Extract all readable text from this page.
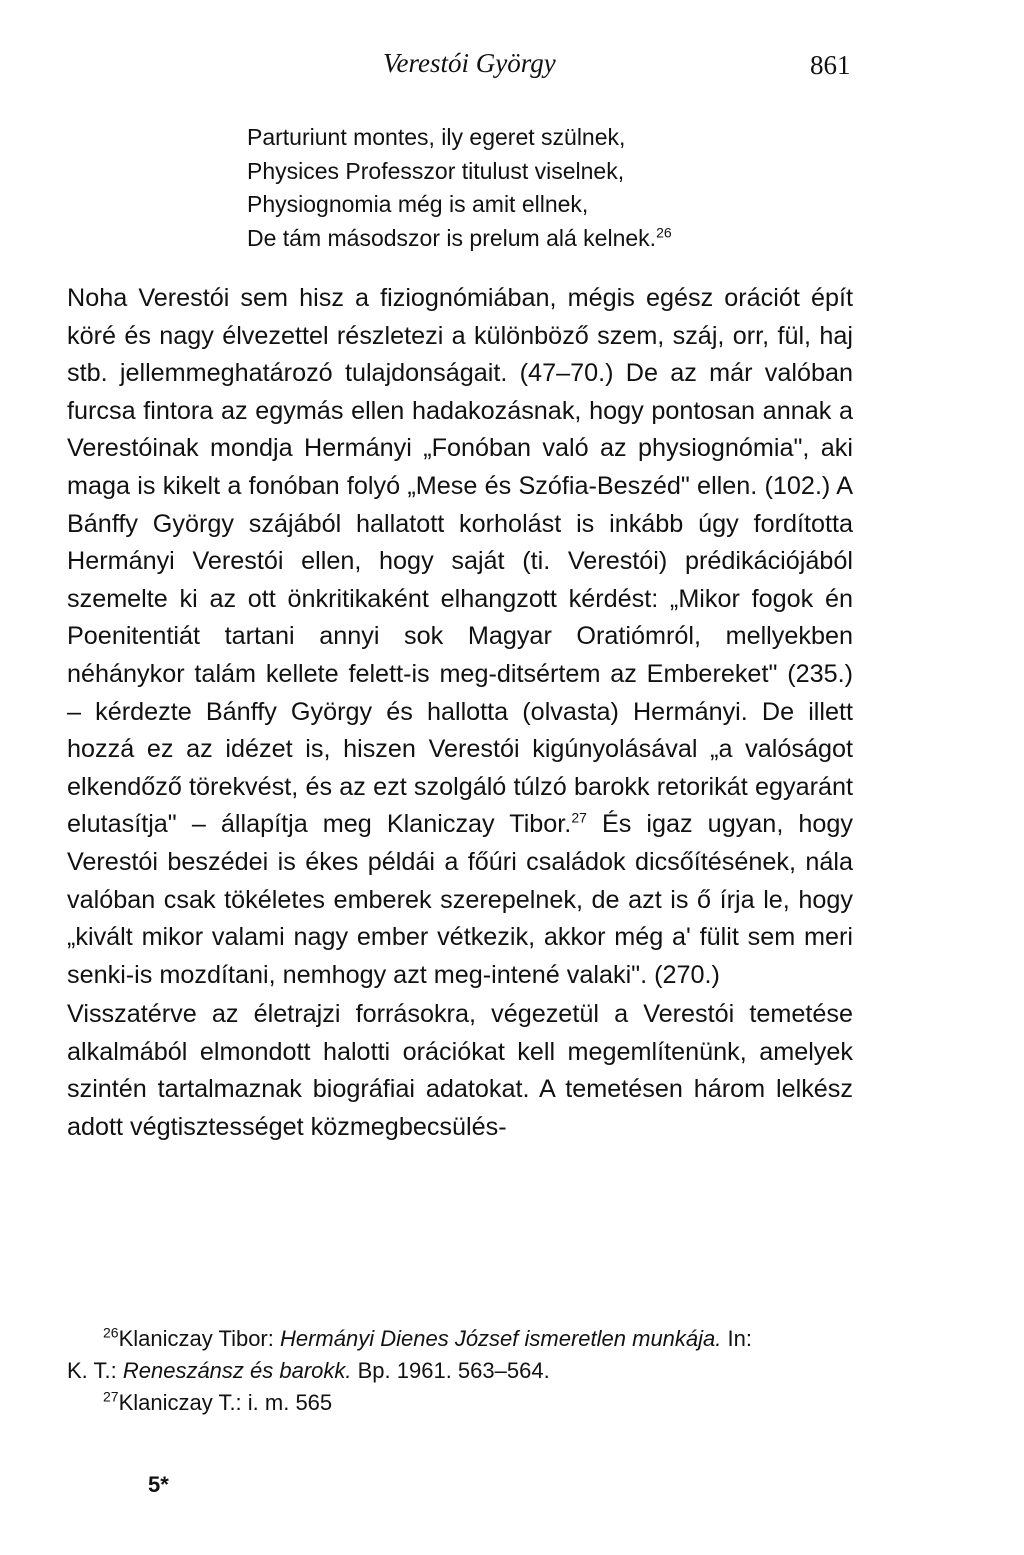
Verestói György	861
Parturiunt montes, ily egeret szülnek,
Physices Professzor titulust viselnek,
Physiognomia még is amit ellnek,
De tám másodszor is prelum alá kelnek.$^{26}$

Noha Verestói sem hisz a fiziognómiában, mégis egész orációt épít köré és nagy élvezettel részletezi a különböző szem, száj, orr, fül, haj stb. jellemmeghatározó tulajdonságait. (47–70.) De az már valóban furcsa fintora az egymás ellen hadakozásnak, hogy pontosan annak a Verestóinak mondja Hermányi „Fonóban való az physiognómia", aki maga is kikelt a fonóban folyó „Mese és Szófia-Beszéd" ellen. (102.) A Bánffy György szájából hallatott korholást is inkább úgy fordította Hermányi Verestói ellen, hogy saját (ti. Verestói) prédikációjából szemelte ki az ott önkritikaként elhangzott kérdést: „Mikor fogok én Poenitentiát tartani annyi sok Magyar Oratiómról, mellyekben néhánykor talám kellete felett-is meg-ditsértem az Embereket" (235.) – kérdezte Bánffy György és hallotta (olvasta) Hermányi. De illett hozzá ez az idézet is, hiszen Verestói kigúnyolásával „a valóságot elkendőző törekvést, és az ezt szolgáló túlzó barokk retorikát egyaránt elutasítja" – állapítja meg Klaniczay Tibor.$^{27}$ És igaz ugyan, hogy Verestói beszédei is ékes példái a főúri családok dicsőítésének, nála valóban csak tökéletes emberek szerepelnek, de azt is ő írja le, hogy „kivált mikor valami nagy ember vétkezik, akkor még a' fülit sem meri senki-is mozdítani, nemhogy azt meg-intené valaki". (270.)

Visszatérve az életrajzi forrásokra, végezetül a Verestói temetése alkalmából elmondott halotti orációkat kell megemlítenünk, amelyek szintén tartalmaznak biográfiai adatokat. A temetésen három lelkész adott végtisztességet közmegbecsülés-

$^{26}$Klaniczay Tibor: Hermányi Dienes József ismeretlen munkája. In:

K. T.: Reneszánsz és barokk. Bp. 1961. 563–564.

$^{27}$Klaniczay T.: i. m. 565

5*
